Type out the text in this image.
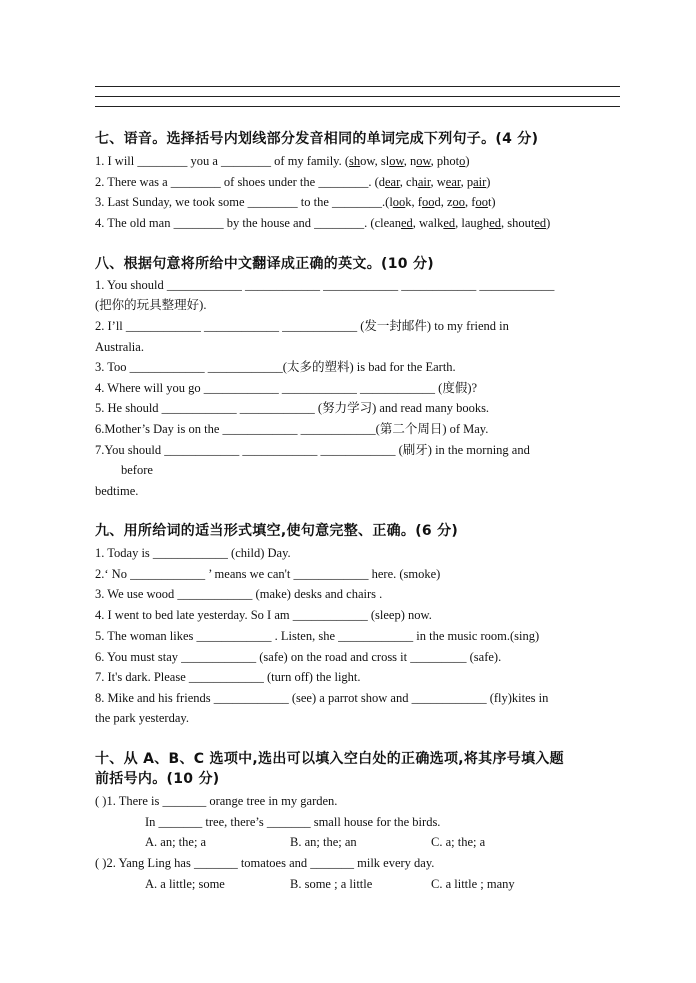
七、语音。选择括号内划线部分发音相同的单词完成下列句子。(4 分)
1. I will ________ you a ________ of my family. (show, slow, now, photo)
2. There was a ________ of shoes under the ________. (dear, chair, wear, pair)
3. Last Sunday, we took some ________ to the ________.(look, food, zoo, foot)
4. The old man ________ by the house and ________. (cleaned, walked, laughed, shouted)
八、根据句意将所给中文翻译成正确的英文。(10 分)
1. You should ____________ ____________ ____________ ____________ ____________
(把你的玩具整理好).
2. I’ll ____________ ____________ ____________ (发一封邮件) to my friend in
Australia.
3. Too ____________ ____________(太多的塑料) is bad for the Earth.
4. Where will you go ____________ ____________ ____________ (度假)?
5. He should ____________ ____________ (努力学习) and read many books.
6.Mother’s Day is on the ____________ ____________(第二个周日) of May.
7.You should ____________ ____________ ____________ (刷牙) in the morning and
before
bedtime.
九、用所给词的适当形式填空,使句意完整、正确。(6 分)
1. Today is ____________ (child) Day.
2.‘ No ____________ ’ means we can't ____________ here. (smoke)
3. We use wood ____________ (make) desks and chairs .
4. I went to bed late yesterday. So I am ____________ (sleep) now.
5. The woman likes ____________ . Listen, she ____________ in the music room.(sing)
6. You must stay ____________ (safe) on the road and cross it _________ (safe).
7. It's dark. Please ____________ (turn off) the light.
8. Mike and his friends ____________ (see) a parrot show and ____________ (fly)kites in
the park yesterday.
十、从 A、B、C 选项中,选出可以填入空白处的正确选项,将其序号填入题
前括号内。(10 分)
( )1. There is _______ orange tree in my garden.
In _______ tree, there’s _______ small house for the birds.
A. an; the; a	B. an; the; an	C. a; the; a
( )2. Yang Ling has _______ tomatoes and _______ milk every day.
A. a little; some	B. some ; a little	C. a little ; many
